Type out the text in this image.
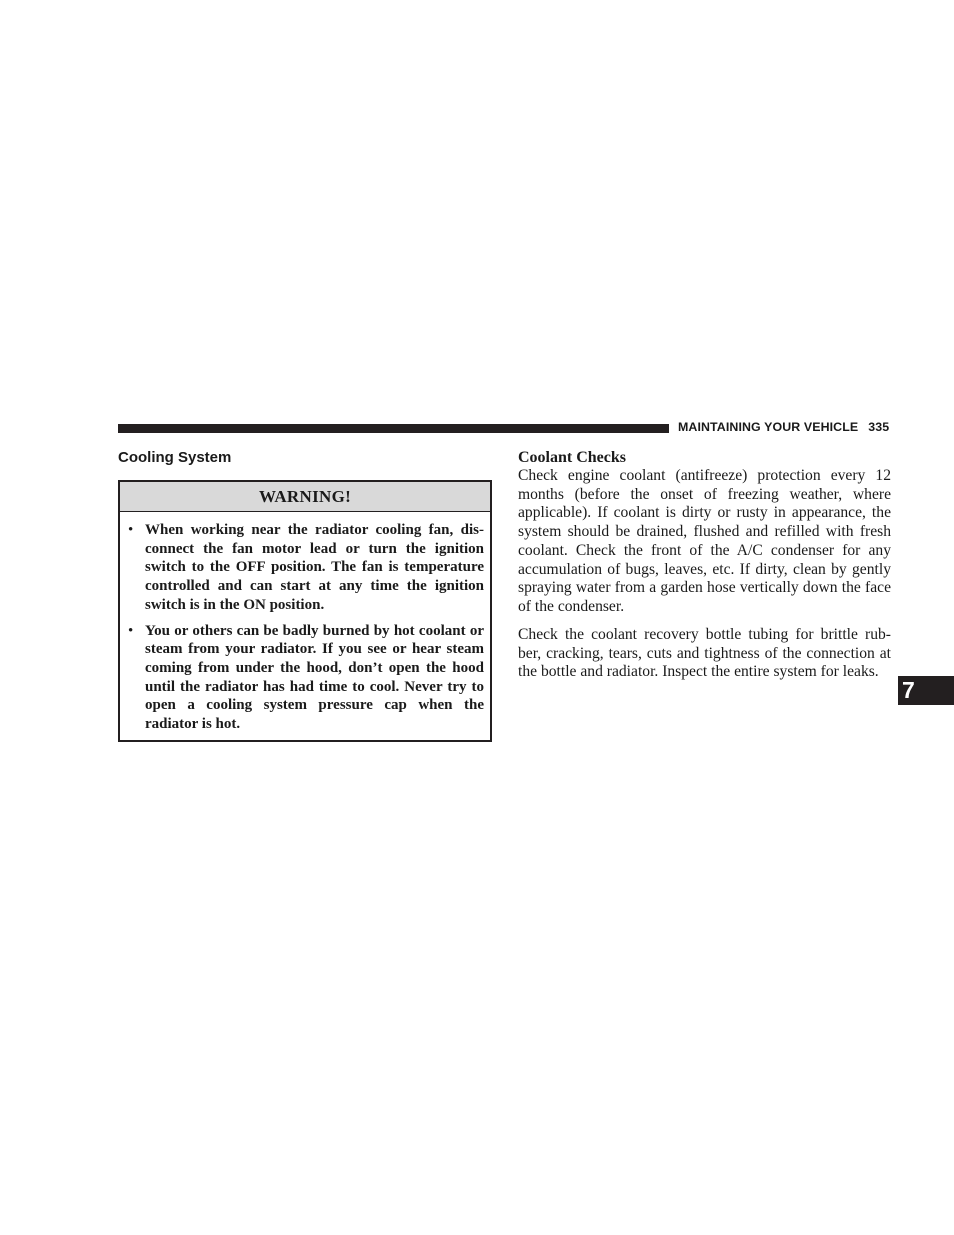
MAINTAINING YOUR VEHICLE 335
Cooling System
WARNING!
• When working near the radiator cooling fan, dis- connect the fan motor lead or turn the ignition switch to the OFF position. The fan is temperature controlled and can start at any time the ignition switch is in the ON position.
• You or others can be badly burned by hot coolant or steam from your radiator. If you see or hear steam coming from under the hood, don’t open the hood until the radiator has had time to cool. Never try to open a cooling system pressure cap when the radiator is hot.
Coolant Checks
Check engine coolant (antifreeze) protection every 12 months (before the onset of freezing weather, where applicable). If coolant is dirty or rusty in appearance, the system should be drained, flushed and refilled with fresh coolant. Check the front of the A/C condenser for any accumulation of bugs, leaves, etc. If dirty, clean by gently spraying water from a garden hose vertically down the face of the condenser.
Check the coolant recovery bottle tubing for brittle rub- ber, cracking, tears, cuts and tightness of the connection at the bottle and radiator. Inspect the entire system for leaks.
7
